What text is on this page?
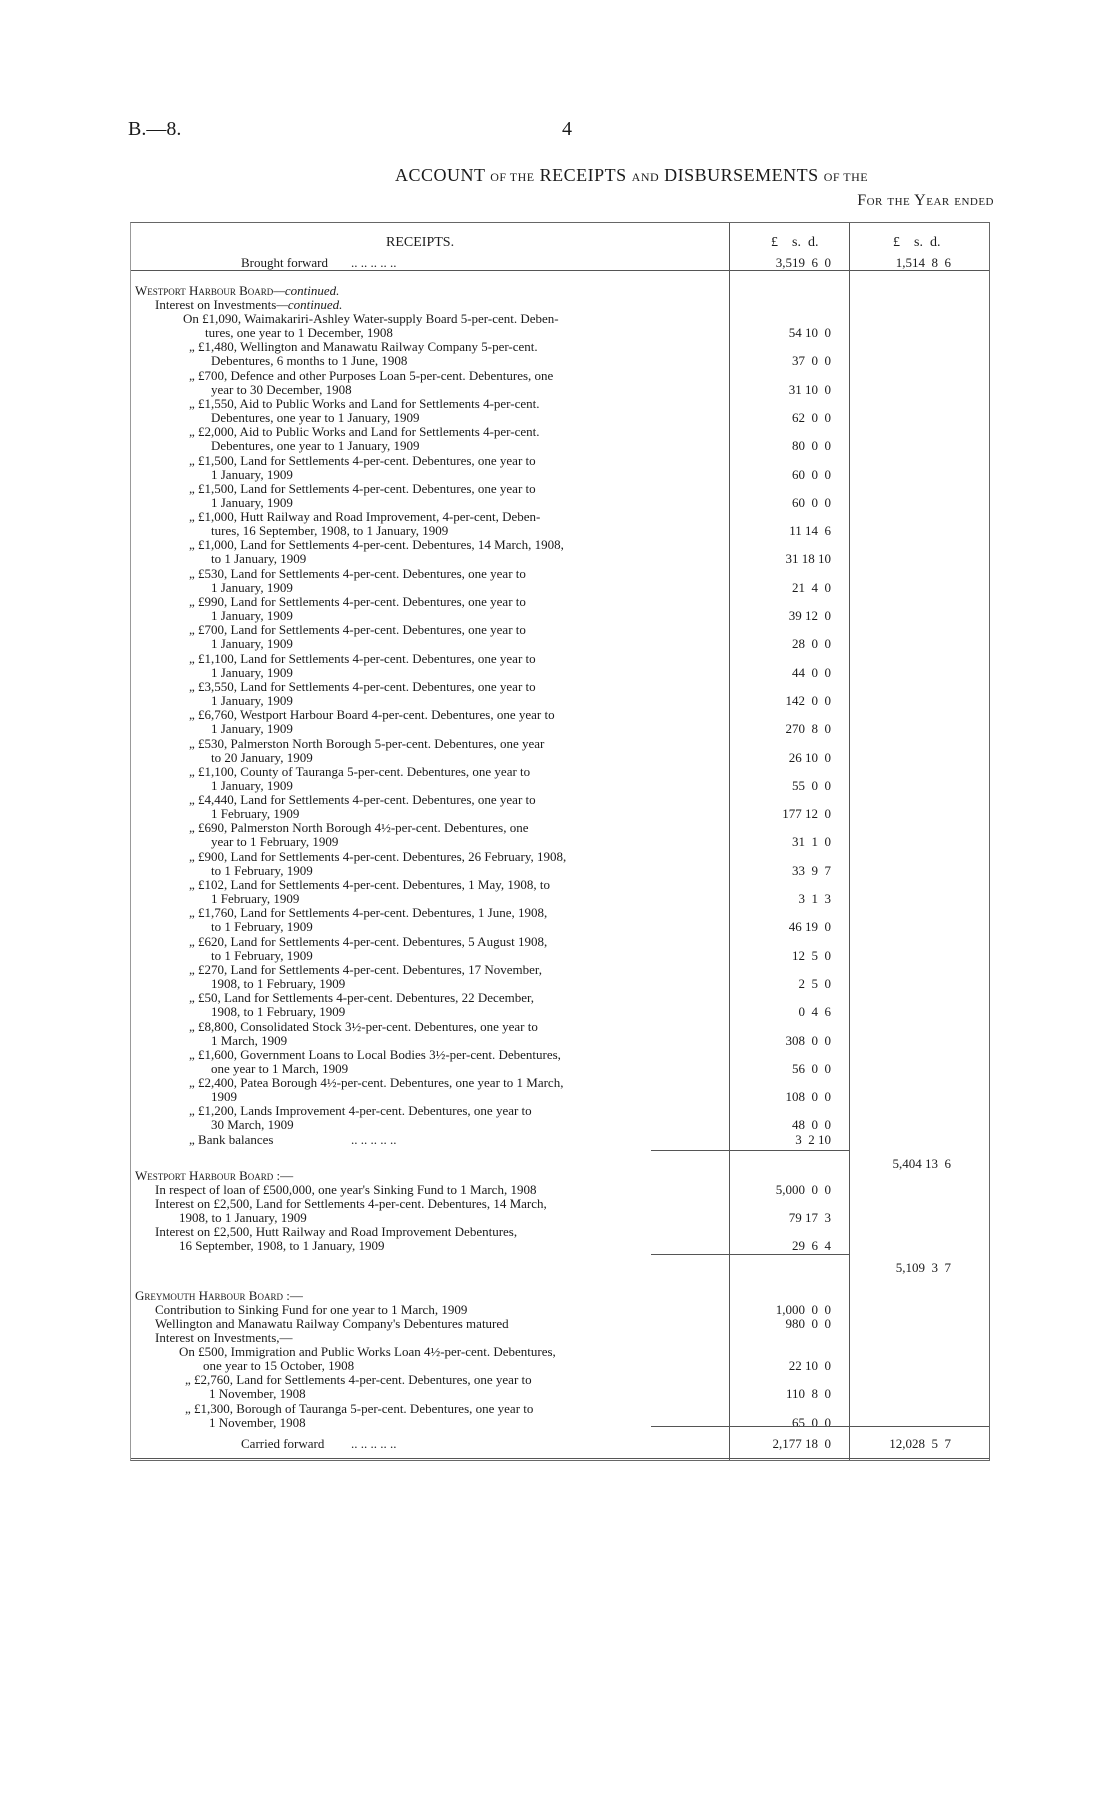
B.—8.	4
ACCOUNT OF THE RECEIPTS AND DISBURSEMENTS OF THE
For the Year ended
RECEIPTS.	£    s.  d.	£    s.  d.
Brought forward .. .. .. .. ..	3,519  6  0	1,514  8  6
Westport Harbour Board—continued.
Interest on Investments—continued.
On £1,090, Waimakariri-Ashley Water-supply Board 5-per-cent. Deben-
tures, one year to 1 December, 1908	54 10  0
„ £1,480, Wellington and Manawatu Railway Company 5-per-cent.
Debentures, 6 months to 1 June, 1908	37  0  0
„ £700, Defence and other Purposes Loan 5-per-cent. Debentures, one
year to 30 December, 1908	31 10  0
„ £1,550, Aid to Public Works and Land for Settlements 4-per-cent.
Debentures, one year to 1 January, 1909	62  0  0
„ £2,000, Aid to Public Works and Land for Settlements 4-per-cent.
Debentures, one year to 1 January, 1909	80  0  0
„ £1,500, Land for Settlements 4-per-cent. Debentures, one year to
1 January, 1909	60  0  0
„ £1,500, Land for Settlements 4-per-cent. Debentures, one year to
1 January, 1909	60  0  0
„ £1,000, Hutt Railway and Road Improvement, 4-per-cent, Deben-
tures, 16 September, 1908, to 1 January, 1909	11 14  6
„ £1,000, Land for Settlements 4-per-cent. Debentures, 14 March, 1908,
to 1 January, 1909	31 18 10
„ £530, Land for Settlements 4-per-cent. Debentures, one year to
1 January, 1909	21  4  0
„ £990, Land for Settlements 4-per-cent. Debentures, one year to
1 January, 1909	39 12  0
„ £700, Land for Settlements 4-per-cent. Debentures, one year to
1 January, 1909	28  0  0
„ £1,100, Land for Settlements 4-per-cent. Debentures, one year to
1 January, 1909	44  0  0
„ £3,550, Land for Settlements 4-per-cent. Debentures, one year to
1 January, 1909	142  0  0
„ £6,760, Westport Harbour Board 4-per-cent. Debentures, one year to
1 January, 1909	270  8  0
„ £530, Palmerston North Borough 5-per-cent. Debentures, one year
to 20 January, 1909	26 10  0
„ £1,100, County of Tauranga 5-per-cent. Debentures, one year to
1 January, 1909	55  0  0
„ £4,440, Land for Settlements 4-per-cent. Debentures, one year to
1 February, 1909	177 12  0
„ £690, Palmerston North Borough 4½-per-cent. Debentures, one
year to 1 February, 1909	31  1  0
„ £900, Land for Settlements 4-per-cent. Debentures, 26 February, 1908,
to 1 February, 1909	33  9  7
„ £102, Land for Settlements 4-per-cent. Debentures, 1 May, 1908, to
1 February, 1909	3  1  3
„ £1,760, Land for Settlements 4-per-cent. Debentures, 1 June, 1908,
to 1 February, 1909	46 19  0
„ £620, Land for Settlements 4-per-cent. Debentures, 5 August 1908,
to 1 February, 1909	12  5  0
„ £270, Land for Settlements 4-per-cent. Debentures, 17 November,
1908, to 1 February, 1909	2  5  0
„ £50, Land for Settlements 4-per-cent. Debentures, 22 December,
1908, to 1 February, 1909	0  4  6
„ £8,800, Consolidated Stock 3½-per-cent. Debentures, one year to
1 March, 1909	308  0  0
„ £1,600, Government Loans to Local Bodies 3½-per-cent. Debentures,
one year to 1 March, 1909	56  0  0
„ £2,400, Patea Borough 4½-per-cent. Debentures, one year to 1 March,
1909	108  0  0
„ £1,200, Lands Improvement 4-per-cent. Debentures, one year to
30 March, 1909	48  0  0
„ Bank balances	.. .. .. .. ..	3  2 10
5,404 13  6
Westport Harbour Board :—
In respect of loan of £500,000, one year's Sinking Fund to 1 March, 1908	5,000  0  0
Interest on £2,500, Land for Settlements 4-per-cent. Debentures, 14 March,
1908, to 1 January, 1909	79 17  3
Interest on £2,500, Hutt Railway and Road Improvement Debentures,
16 September, 1908, to 1 January, 1909	29  6  4
5,109  3  7
Greymouth Harbour Board :—
Contribution to Sinking Fund for one year to 1 March, 1909	1,000  0  0
Wellington and Manawatu Railway Company's Debentures matured	980  0  0
Interest on Investments,—
On £500, Immigration and Public Works Loan 4½-per-cent. Debentures,
one year to 15 October, 1908	22 10  0
„ £2,760, Land for Settlements 4-per-cent. Debentures, one year to
1 November, 1908	110  8  0
„ £1,300, Borough of Tauranga 5-per-cent. Debentures, one year to
1 November, 1908	65  0  0
Carried forward .. .. .. .. ..	2,177 18  0	12,028  5  7
